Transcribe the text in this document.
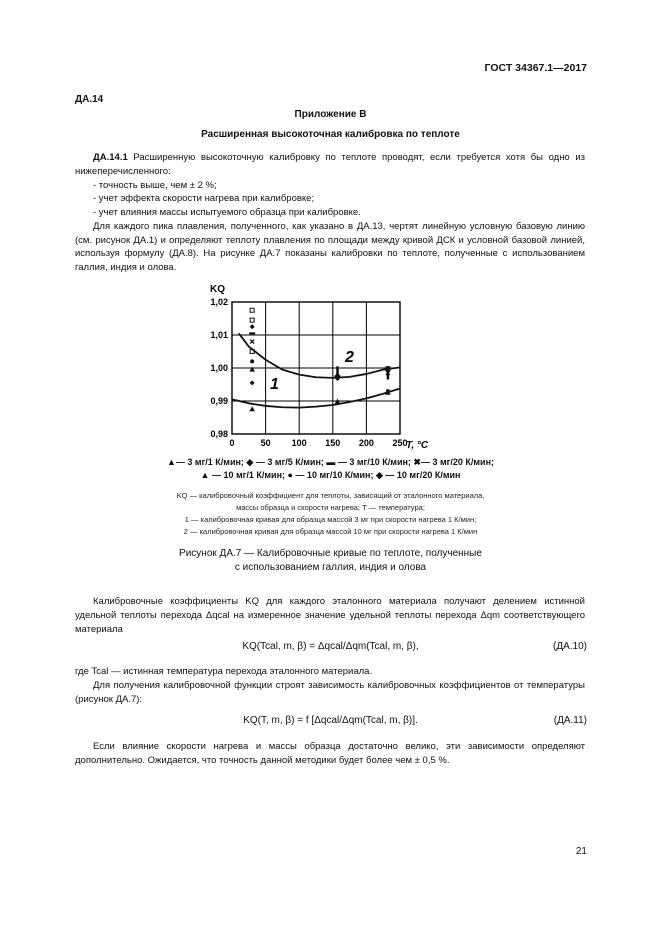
ГОСТ 34367.1—2017
ДА.14
Приложение В
Расширенная высокоточная калибровка по теплоте

ДА.14.1 Расширенную высокоточную калибровку по теплоте проводят, если требуется хотя бы одно из нижеперечисленного:

- точность выше, чем ± 2 %;

- учет эффекта скорости нагрева при калибровке;

- учет влияния массы испытуемого образца при калибровке.

Для каждого пика плавления, полученного, как указано в ДА.13, чертят линейную условную базовую линию (см. рисунок ДА.1) и определяют теплоту плавления по площади между кривой ДСК и условной базовой линией, используя формулу (ДА.8). На рисунке ДА.7 показаны калибровки по теплоте, полученные с использованием галлия, индия и олова.

0	50 100 150 200 250
0,98
0,99
1,00
1,01
1,02
KQ
T, °C
1
2
▲— 3 мг/1 К/мин; ◆ — 3 мг/5 К/мин; ▬ — 3 мг/10 К/мин; ✖— 3 мг/20 К/мин;
▲ — 10 мг/1 К/мин; ● — 10 мг/10 К/мин; ◆ — 10 мг/20 К/мин
KQ — калибровочный коэффициент для теплоты, зависящий от эталонного материала,
массы образца и скорости нагрева; T — температура;
1 — калибровочная кривая для образца массой 3 мг при скорости нагрева 1 К/мин;
2 — калибровочная кривая для образца массой 10 мг при скорости нагрева 1 К/мин
Рисунок ДА.7 — Калибровочные кривые по теплоте, полученные
с использованием галлия, индия и олова

Калибровочные коэффициенты KQ для каждого эталонного материала получают делением истинной удельной теплоты перехода Δqcal на измеренное значение удельной теплоты перехода Δqm соответствующего материала

KQ(Tcal, m, β) = Δqcal/Δqm(Tcal, m, β),	(ДА.10)

где Tcal — истинная температура перехода эталонного материала.

Для получения калибровочной функции строят зависимость калибровочных коэффициентов от температуры (рисунок ДА.7):

KQ(T, m, β) = f [Δqcal/Δqm(Tcal, m, β)].	(ДА.11)

Если влияние скорости нагрева и массы образца достаточно велико, эти зависимости определяют дополнительно. Ожидается, что точность данной методики будет более чем ± 0,5 %.

21
